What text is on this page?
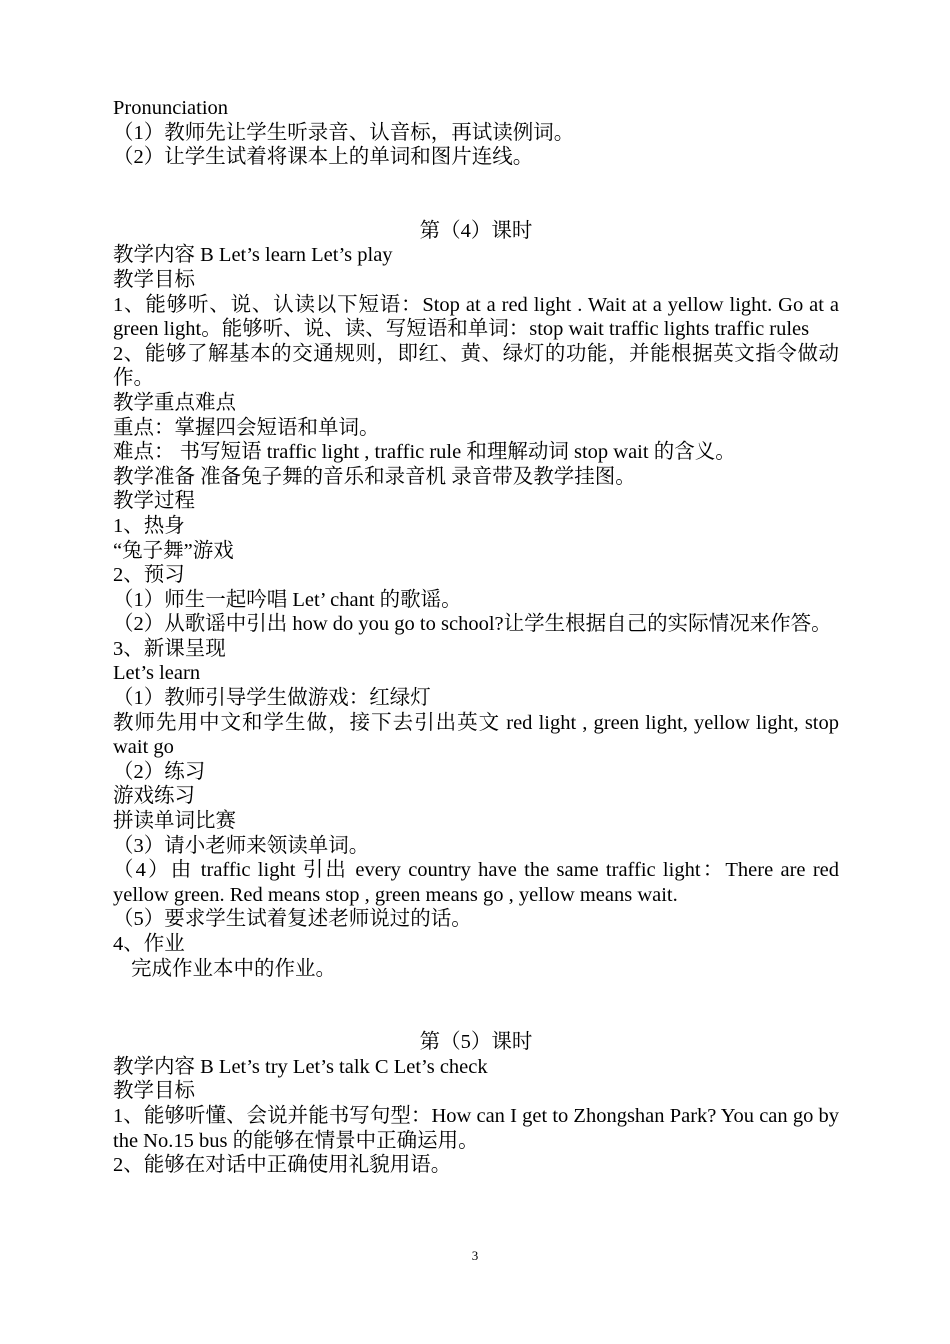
Pronunciation
（1）教师先让学生听录音、认音标，再试读例词。
（2）让学生试着将课本上的单词和图片连线。
第（4）课时
教学内容 B Let’s learn Let’s play
教学目标
1、能够听、说、认读以下短语：Stop at a red light . Wait at a yellow light. Go at a green light。能够听、说、读、写短语和单词：stop wait traffic lights traffic rules
2、能够了解基本的交通规则，即红、黄、绿灯的功能，并能根据英文指令做动作。
教学重点难点
重点：掌握四会短语和单词。
难点： 书写短语 traffic light , traffic rule 和理解动词 stop wait 的含义。
教学准备 准备兔子舞的音乐和录音机 录音带及教学挂图。
教学过程
1、热身
“兔子舞”游戏
2、预习
（1）师生一起吟唱 Let’ chant 的歌谣。
（2）从歌谣中引出 how do you go to school?让学生根据自己的实际情况来作答。
3、新课呈现
Let’s learn
（1）教师引导学生做游戏：红绿灯
教师先用中文和学生做，接下去引出英文 red light , green light, yellow light, stop wait go
（2）练习
游戏练习
拼读单词比赛
（3）请小老师来领读单词。
（4）由 traffic light 引出 every country have the same traffic light：There are red yellow green. Red means stop , green means go , yellow means wait.
（5）要求学生试着复述老师说过的话。
4、作业
完成作业本中的作业。
第（5）课时
教学内容 B Let’s try Let’s talk C Let’s check
教学目标
1、能够听懂、会说并能书写句型：How can I get to Zhongshan Park? You can go by the No.15 bus 的能够在情景中正确运用。
2、能够在对话中正确使用礼貌用语。
3
